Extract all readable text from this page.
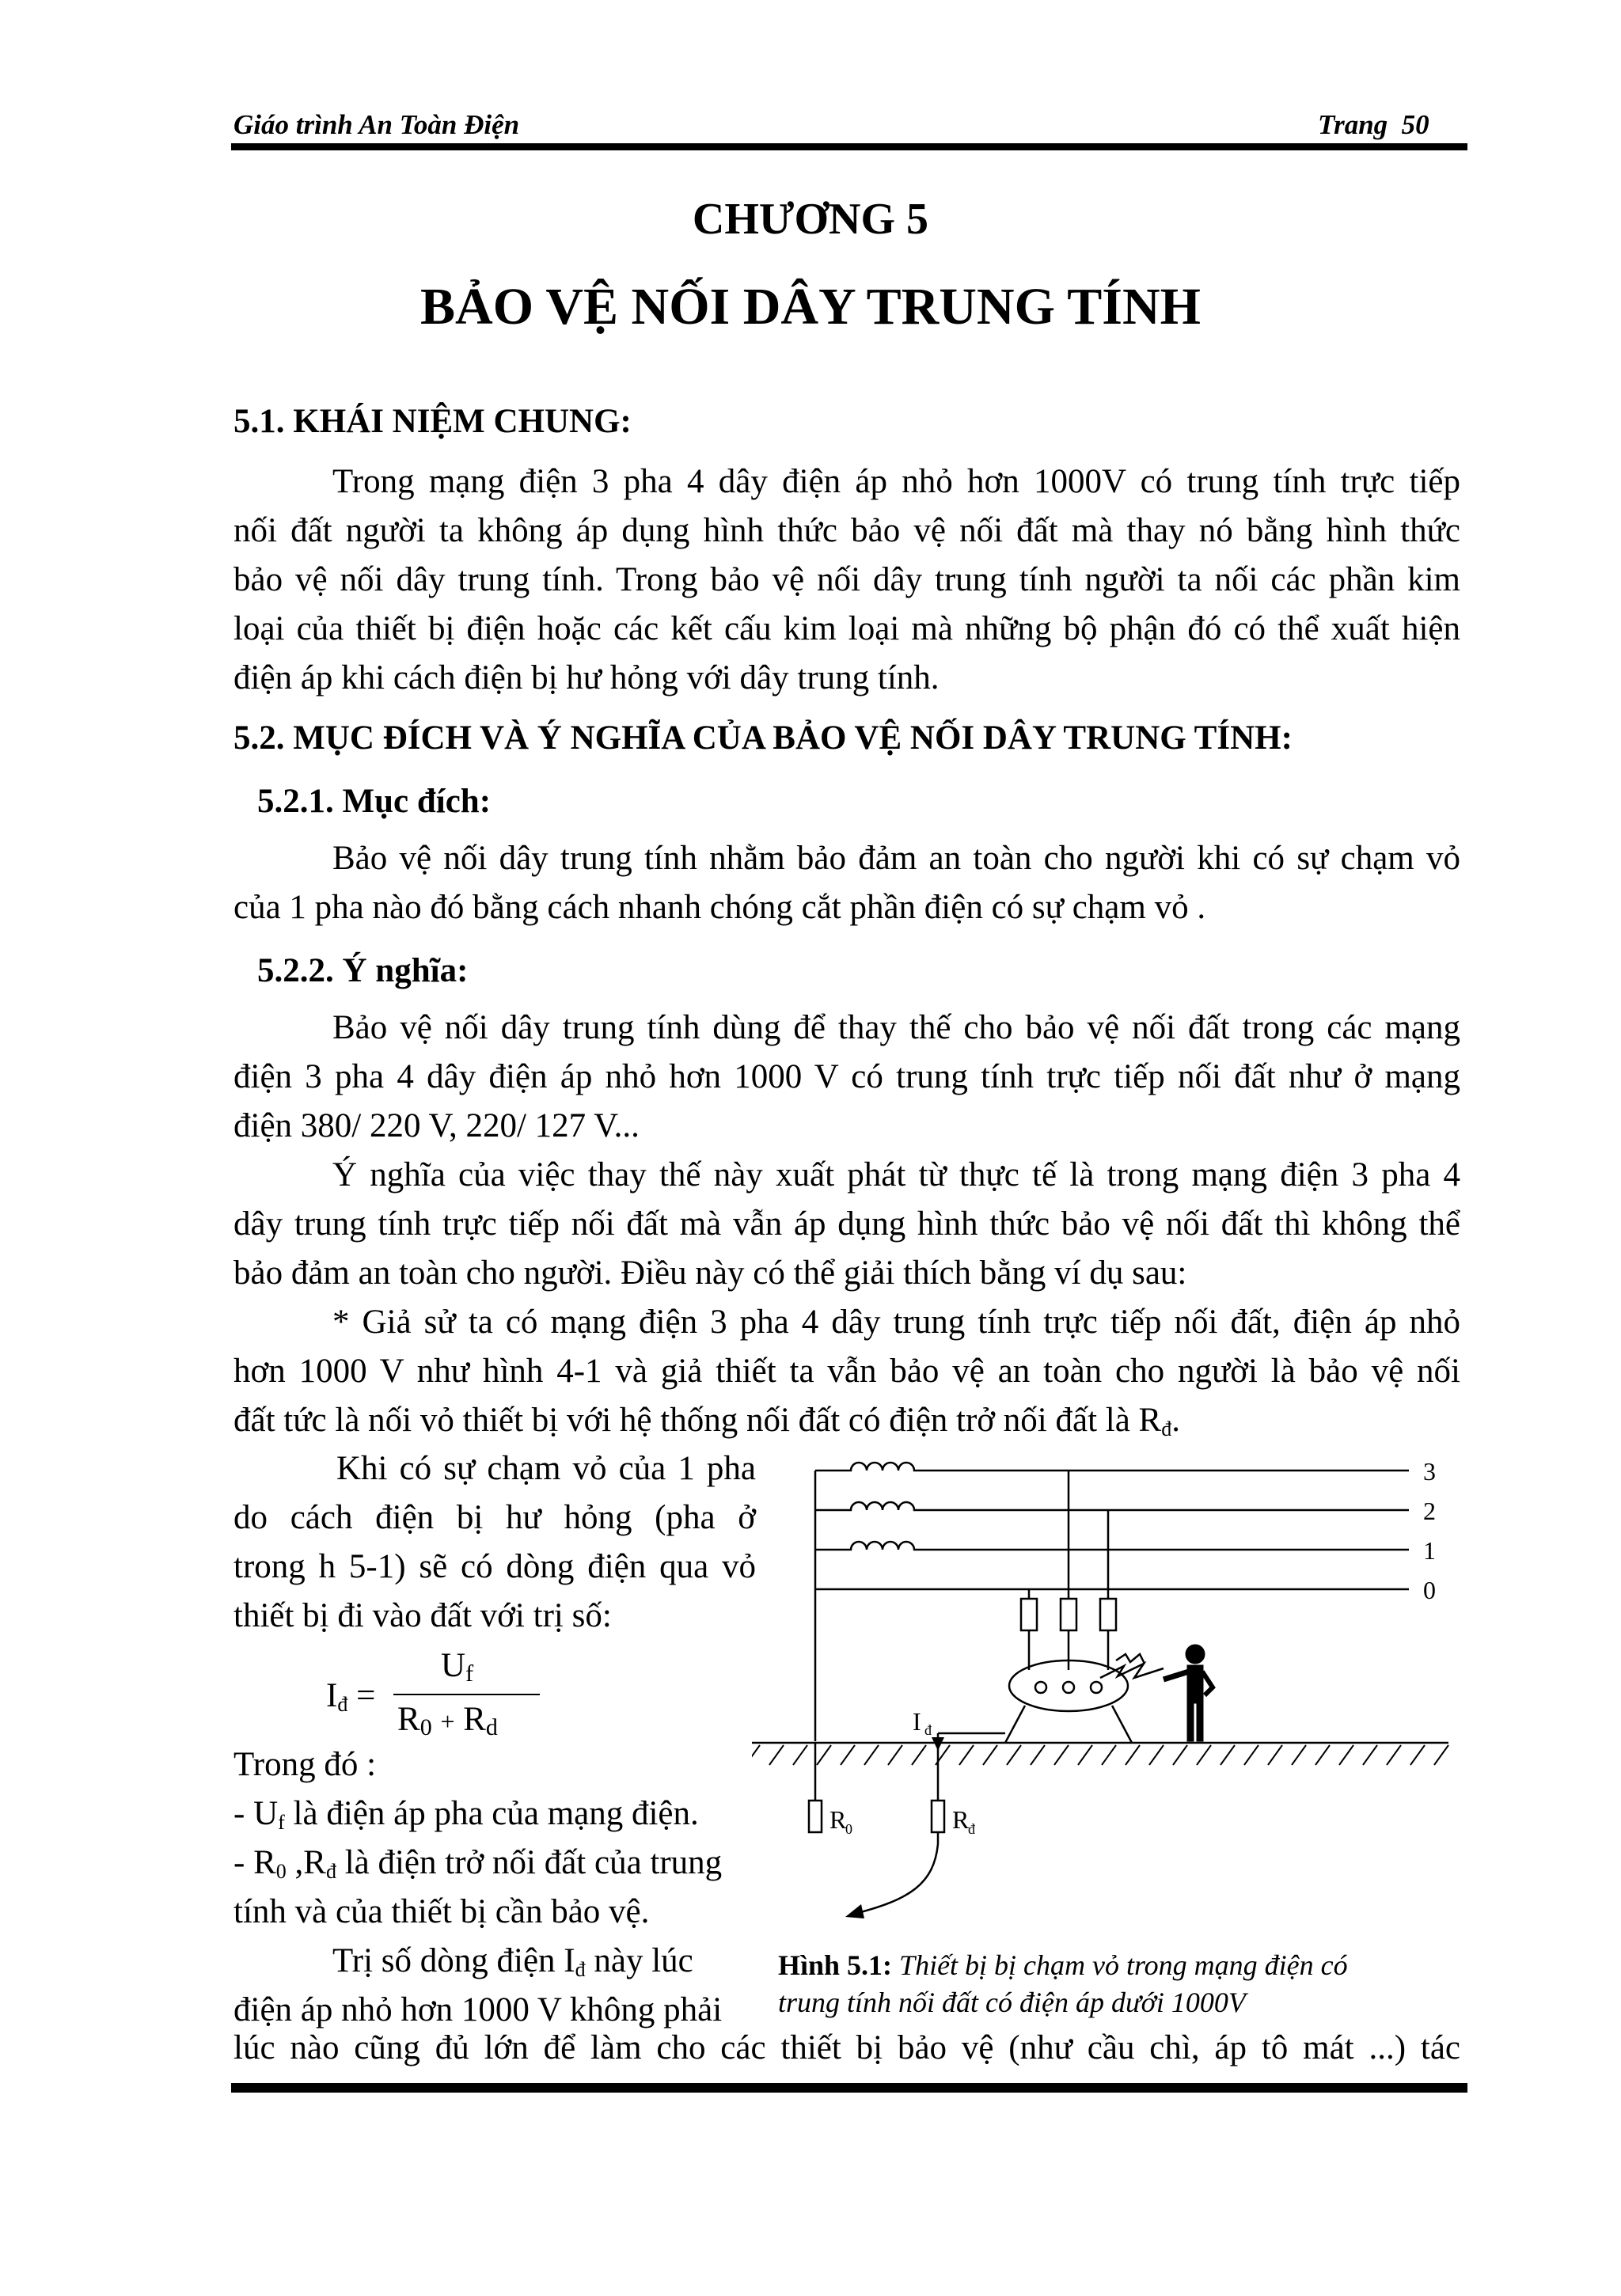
Giáo trình An Toàn Điện	Trang 50
CHƯƠNG 5
BẢO VỆ NỐI DÂY TRUNG TÍNH
5.1. KHÁI NIỆM CHUNG:

Trong mạng điện 3 pha 4 dây điện áp nhỏ hơn 1000V có trung tính trực tiếp

nối đất người ta không áp dụng hình thức bảo vệ nối đất mà thay nó bằng hình thức

bảo vệ nối dây trung tính. Trong bảo vệ nối dây trung tính người ta nối các phần kim

loại của thiết bị điện hoặc các kết cấu kim loại mà những bộ phận đó có thể xuất hiện

điện áp khi cách điện bị hư hỏng với dây trung tính.

5.2. MỤC ĐÍCH VÀ Ý NGHĨA CỦA BẢO VỆ NỐI DÂY TRUNG TÍNH:
5.2.1. Mục đích:

Bảo vệ nối dây trung tính nhằm bảo đảm an toàn cho người khi có sự chạm vỏ

của 1 pha nào đó bằng cách nhanh chóng cắt phần điện có sự chạm vỏ .

5.2.2. Ý nghĩa:

Bảo vệ nối dây trung tính dùng để thay thế cho bảo vệ nối đất trong các mạng

điện 3 pha 4 dây điện áp nhỏ hơn 1000 V có trung tính trực tiếp nối đất như ở mạng

điện 380/ 220 V, 220/ 127 V...

Ý nghĩa của việc thay thế này xuất phát từ thực tế là trong mạng điện 3 pha 4

dây trung tính trực tiếp nối đất mà vẫn áp dụng hình thức bảo vệ nối đất thì không thể

bảo đảm an toàn cho người. Điều này có thể giải thích bằng ví dụ sau:

* Giả sử ta có mạng điện 3 pha 4 dây trung tính trực tiếp nối đất, điện áp nhỏ

hơn 1000 V như hình 4-1 và giả thiết ta vẫn bảo vệ an toàn cho người là bảo vệ nối

đất tức là nối vỏ thiết bị với hệ thống nối đất có điện trở nối đất là $R_đ$.

Khi có sự chạm vỏ của 1 pha

do cách điện bị hư hỏng (pha ở

trong h 5-1) sẽ có dòng điện qua vỏ

thiết bị đi vào đất với trị số:

$I_đ$ =
$U_f$
$R_0 + R_d$

Trong đó :

- $U_f$ là điện áp pha của mạng điện.

- $R_0$ $,R_đ$ là điện trở nối đất của trung

tính và của thiết bị cần bảo vệ.

Trị số dòng điện $I_đ$ này lúc

điện áp nhỏ hơn 1000 V không phải

3
2
1
0
I đ
R
0	R
đ
Hình 5.1: Thiết bị bị chạm vỏ trong mạng điện có
trung tính nối đất có điện áp dưới 1000V

lúc nào cũng đủ lớn để làm cho các thiết bị bảo vệ (như cầu chì, áp tô mát ...) tác
